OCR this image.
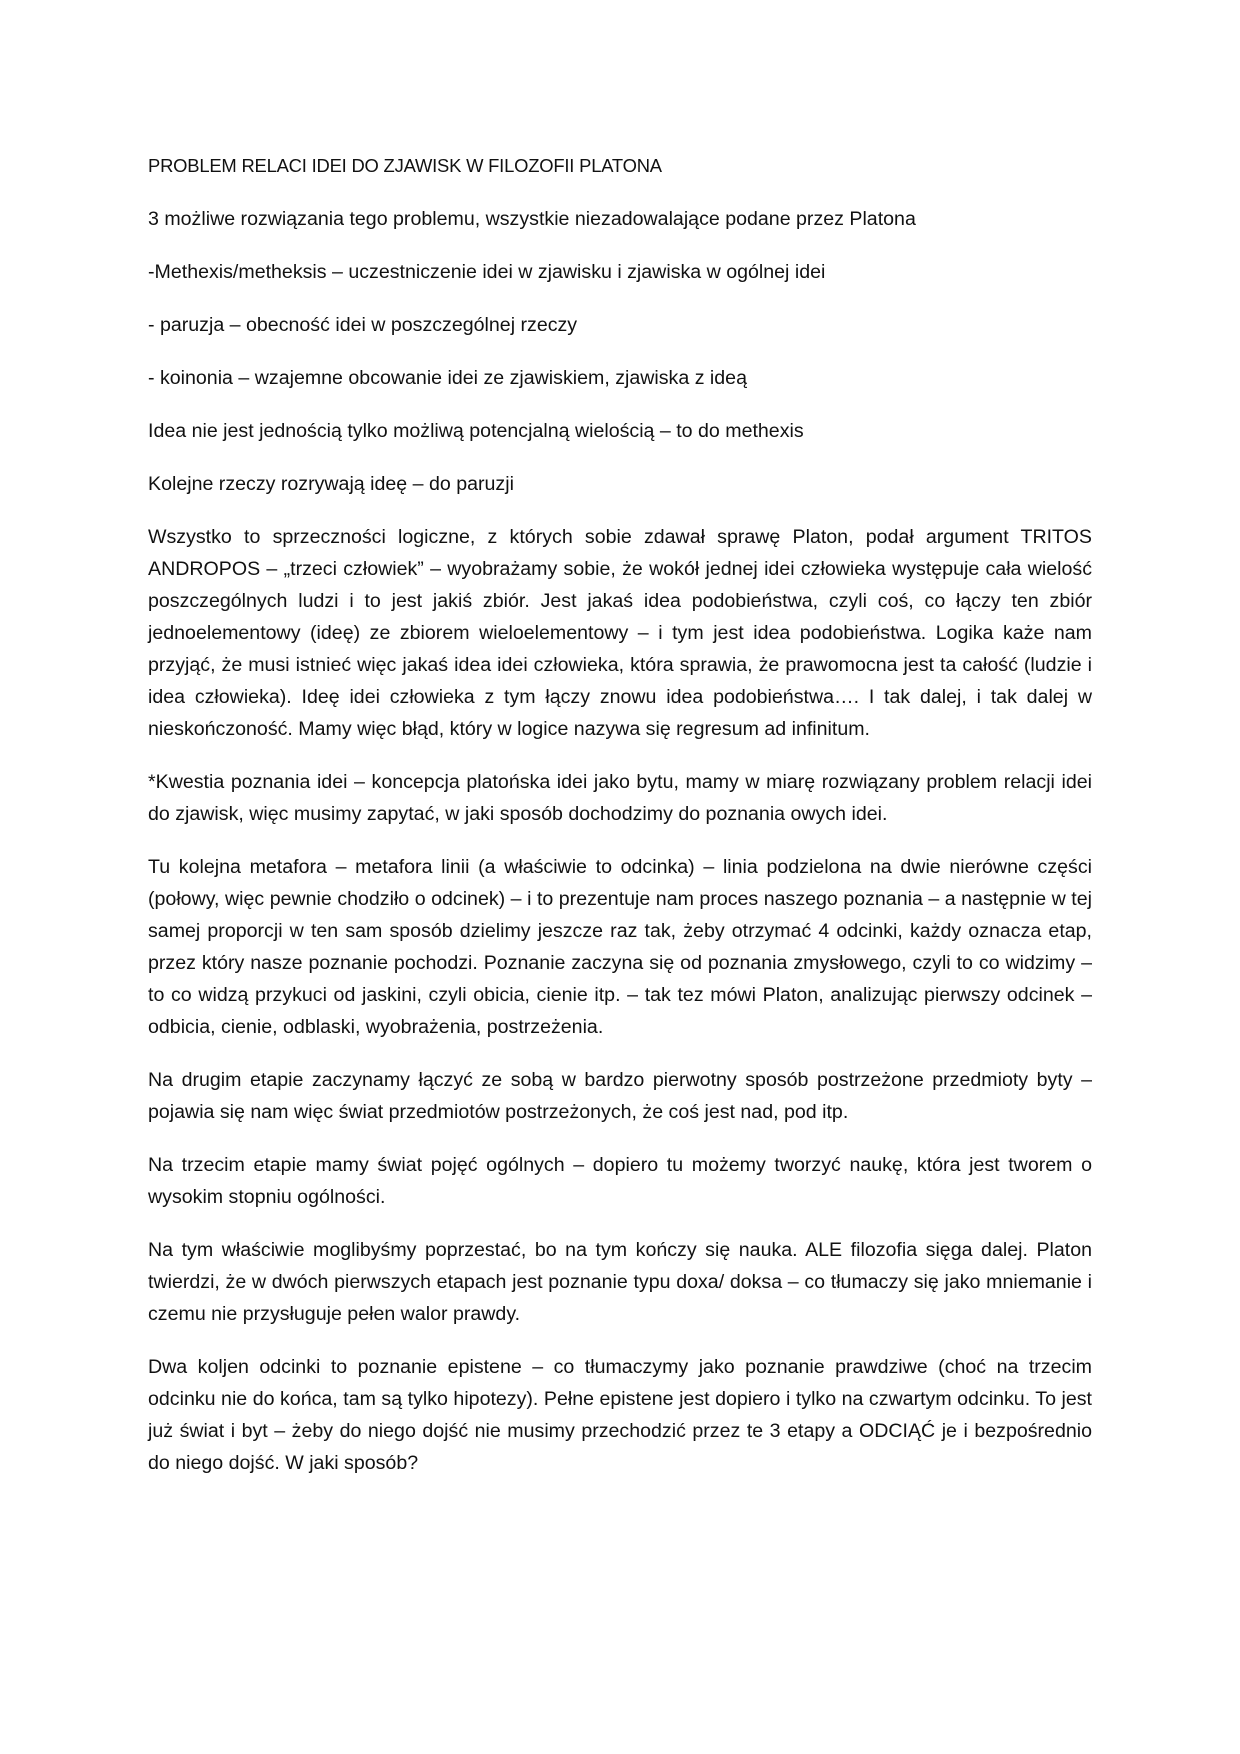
PROBLEM RELACI IDEI DO ZJAWISK W FILOZOFII PLATONA

3 możliwe rozwiązania tego problemu, wszystkie niezadowalające podane przez Platona

-Methexis/metheksis – uczestniczenie idei w zjawisku i zjawiska w ogólnej idei

- paruzja – obecność idei w poszczególnej rzeczy

- koinonia – wzajemne obcowanie idei ze zjawiskiem, zjawiska z ideą

Idea nie jest jednością tylko możliwą potencjalną wielością – to do methexis

Kolejne rzeczy rozrywają ideę – do paruzji

Wszystko to sprzeczności logiczne, z których sobie zdawał sprawę Platon, podał argument TRITOS ANDROPOS – „trzeci człowiek” – wyobrażamy sobie, że wokół jednej idei człowieka występuje cała wielość poszczególnych ludzi i to jest jakiś zbiór. Jest jakaś idea podobieństwa, czyli coś, co łączy ten zbiór jednoelementowy (ideę) ze zbiorem wieloelementowy – i tym jest idea podobieństwa. Logika każe nam przyjąć, że musi istnieć więc jakaś idea idei człowieka, która sprawia, że prawomocna jest ta całość (ludzie i idea człowieka). Ideę idei człowieka z tym łączy znowu idea podobieństwa…. I tak dalej, i tak dalej w nieskończoność. Mamy więc błąd, który w logice nazywa się regresum ad infinitum.

*Kwestia poznania idei – koncepcja platońska idei jako bytu, mamy w miarę rozwiązany problem relacji idei do zjawisk, więc musimy zapytać, w jaki sposób dochodzimy do poznania owych idei.

Tu kolejna metafora – metafora linii (a właściwie to odcinka) – linia podzielona na dwie nierówne części (połowy, więc pewnie chodziło o odcinek) – i to prezentuje nam proces naszego poznania – a następnie w tej samej proporcji w ten sam sposób dzielimy jeszcze raz tak, żeby otrzymać 4 odcinki, każdy oznacza etap, przez który nasze poznanie pochodzi. Poznanie zaczyna się od poznania zmysłowego, czyli to co widzimy – to co widzą przykuci od jaskini, czyli obicia, cienie itp. – tak tez mówi Platon, analizując pierwszy odcinek – odbicia, cienie, odblaski, wyobrażenia, postrzeżenia.

Na drugim etapie zaczynamy łączyć ze sobą w bardzo pierwotny sposób postrzeżone przedmioty byty – pojawia się nam więc świat przedmiotów postrzeżonych, że coś jest nad, pod itp.

Na trzecim etapie mamy świat pojęć ogólnych – dopiero tu możemy tworzyć naukę, która jest tworem o wysokim stopniu ogólności.

Na tym właściwie moglibyśmy poprzestać, bo na tym kończy się nauka. ALE filozofia sięga dalej. Platon twierdzi, że w dwóch pierwszych etapach jest poznanie typu doxa/ doksa – co tłumaczy się jako mniemanie i czemu nie przysługuje pełen walor prawdy.

Dwa koljen odcinki to poznanie epistene – co tłumaczymy jako poznanie prawdziwe (choć na trzecim odcinku nie do końca, tam są tylko hipotezy). Pełne epistene jest dopiero i tylko na czwartym odcinku. To jest już świat i byt – żeby do niego dojść nie musimy przechodzić przez te 3 etapy a ODCIĄĆ je i bezpośrednio do niego dojść. W jaki sposób?
